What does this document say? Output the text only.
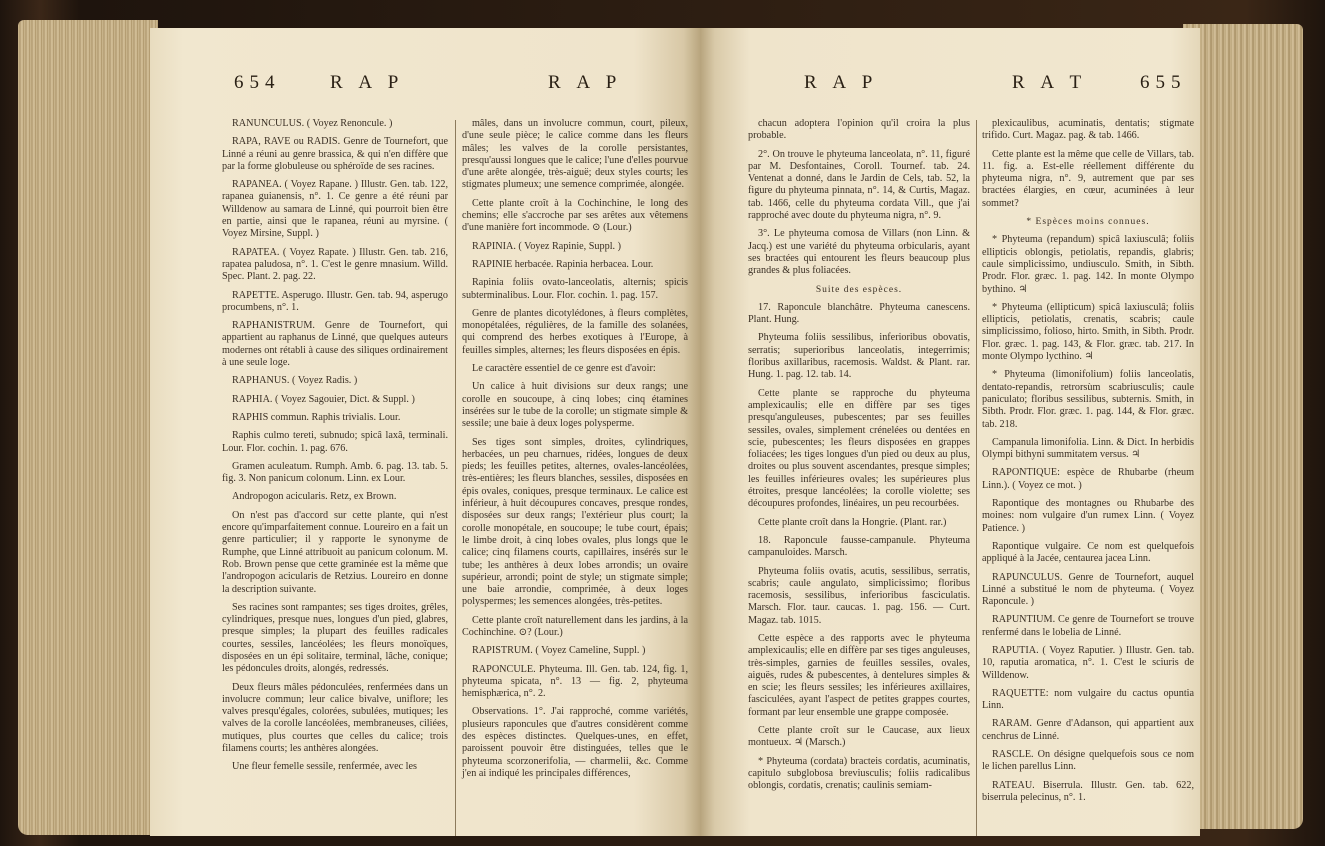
654	R A P	R A P

RANUNCULUS. ( Voyez Renoncule. )

RAPA, RAVE ou RADIS. Genre de Tournefort, que Linné a réuni au genre brassica, & qui n'en diffère que par la forme globuleuse ou sphéroïde de ses racines.

RAPANEA. ( Voyez Rapane. ) Illustr. Gen. tab. 122, rapanea guianensis, n°. 1. Ce genre a été réuni par Willdenow au samara de Linné, qui pourroit bien être en partie, ainsi que le rapanea, réuni au myrsine. ( Voyez Mirsine, Suppl. )

RAPATEA. ( Voyez Rapate. ) Illustr. Gen. tab. 216, rapatea paludosa, n°. 1. C'est le genre mnasium. Willd. Spec. Plant. 2. pag. 22.

RAPETTE. Asperugo. Illustr. Gen. tab. 94, asperugo procumbens, n°. 1.

RAPHANISTRUM. Genre de Tournefort, qui appartient au raphanus de Linné, que quelques auteurs modernes ont rétabli à cause des siliques ordinairement à une seule loge.

RAPHANUS. ( Voyez Radis. )

RAPHIA. ( Voyez Sagouier, Dict. & Suppl. )

RAPHIS commun. Raphis trivialis. Lour.

Raphis culmo tereti, subnudo; spicâ laxâ, terminali. Lour. Flor. cochin. 1. pag. 676.

Gramen aculeatum. Rumph. Amb. 6. pag. 13. tab. 5. fig. 3. Non panicum colonum. Linn. ex Lour.

Andropogon acicularis. Retz, ex Brown.

On n'est pas d'accord sur cette plante, qui n'est encore qu'imparfaitement connue. Loureiro en a fait un genre particulier; il y rapporte le synonyme de Rumphe, que Linné attribuoit au panicum colonum. M. Rob. Brown pense que cette graminée est la même que l'andropogon acicularis de Retzius. Loureiro en donne la description suivante.

Ses racines sont rampantes; ses tiges droites, grêles, cylindriques, presque nues, longues d'un pied, glabres, presque simples; la plupart des feuilles radicales courtes, sessiles, lancéolées; les fleurs monoïques, disposées en un épi solitaire, terminal, lâche, conique; les pédoncules droits, alongés, redressés.

Deux fleurs mâles pédonculées, renfermées dans un involucre commun; leur calice bivalve, uniflore; les valves presqu'égales, colorées, subulées, mutiques; les valves de la corolle lancéolées, membraneuses, ciliées, mutiques, plus courtes que celles du calice; trois filamens courts; les anthères alongées.

Une fleur femelle sessile, renfermée, avec les

mâles, dans un involucre commun, court, pileux, d'une seule pièce; le calice comme dans les fleurs mâles; les valves de la corolle persistantes, presqu'aussi longues que le calice; l'une d'elles pourvue d'une arête alongée, très-aiguë; deux styles courts; les stigmates plumeux; une semence comprimée, alongée.

Cette plante croît à la Cochinchine, le long des chemins; elle s'accroche par ses arêtes aux vêtemens d'une manière fort incommode. ⊙ (Lour.)

RAPINIA. ( Voyez Rapinie, Suppl. )

RAPINIE herbacée. Rapinia herbacea. Lour.

Rapinia foliis ovato-lanceolatis, alternis; spicis subterminalibus. Lour. Flor. cochin. 1. pag. 157.

Genre de plantes dicotylédones, à fleurs complètes, monopétalées, régulières, de la famille des solanées, qui comprend des herbes exotiques à l'Europe, à feuilles simples, alternes; les fleurs disposées en épis.

Le caractère essentiel de ce genre est d'avoir:

Un calice à huit divisions sur deux rangs; une corolle en soucoupe, à cinq lobes; cinq étamines insérées sur le tube de la corolle; un stigmate simple & sessile; une baie à deux loges polysperme.

Ses tiges sont simples, droites, cylindriques, herbacées, un peu charnues, ridées, longues de deux pieds; les feuilles petites, alternes, ovales-lancéolées, très-entières; les fleurs blanches, sessiles, disposées en épis ovales, coniques, presque terminaux. Le calice est inférieur, à huit découpures concaves, presque rondes, disposées sur deux rangs; l'extérieur plus court; la corolle monopétale, en soucoupe; le tube court, épais; le limbe droit, à cinq lobes ovales, plus longs que le calice; cinq filamens courts, capillaires, insérés sur le tube; les anthères à deux lobes arrondis; un ovaire supérieur, arrondi; point de style; un stigmate simple; une baie arrondie, comprimée, à deux loges polyspermes; les semences alongées, très-petites.

Cette plante croît naturellement dans les jardins, à la Cochinchine. ⊙? (Lour.)

RAPISTRUM. ( Voyez Cameline, Suppl. )

RAPONCULE. Phyteuma. Ill. Gen. tab. 124, fig. 1, phyteuma spicata, n°. 13 — fig. 2, phyteuma hemisphærica, n°. 2.

Observations. 1°. J'ai rapproché, comme variétés, plusieurs raponcules que d'autres considèrent comme des espèces distinctes. Quelques-unes, en effet, paroissent pouvoir être distinguées, telles que le phyteuma scorzonerifolia, — charmelii, &c. Comme j'en ai indiqué les principales différences,

R A P	R A T	655

chacun adoptera l'opinion qu'il croira la plus probable.

2°. On trouve le phyteuma lanceolata, n°. 11, figuré par M. Desfontaines, Coroll. Tournef. tab. 24. Ventenat a donné, dans le Jardin de Cels, tab. 52, la figure du phyteuma pinnata, n°. 14, & Curtis, Magaz. tab. 1466, celle du phyteuma cordata Vill., que j'ai rapproché avec doute du phyteuma nigra, n°. 9.

3°. Le phyteuma comosa de Villars (non Linn. & Jacq.) est une variété du phyteuma orbicularis, ayant ses bractées qui entourent les fleurs beaucoup plus grandes & plus foliacées.

Suite des espèces.

17. Raponcule blanchâtre. Phyteuma canescens. Plant. Hung.

Phyteuma foliis sessilibus, inferioribus obovatis, serratis; superioribus lanceolatis, integerrimis; floribus axillaribus, racemosis. Waldst. & Plant. rar. Hung. 1. pag. 12. tab. 14.

Cette plante se rapproche du phyteuma amplexicaulis; elle en diffère par ses tiges presqu'anguleuses, pubescentes; par ses feuilles sessiles, ovales, simplement crénelées ou dentées en scie, pubescentes; les fleurs disposées en grappes foliacées; les tiges longues d'un pied ou deux au plus, droites ou plus souvent ascendantes, presque simples; les feuilles inférieures ovales; les supérieures plus étroites, presque lancéolées; la corolle violette; ses découpures profondes, linéaires, un peu recourbées.

Cette plante croît dans la Hongrie. (Plant. rar.)

18. Raponcule fausse-campanule. Phyteuma campanuloides. Marsch.

Phyteuma foliis ovatis, acutis, sessilibus, serratis, scabris; caule angulato, simplicissimo; floribus racemosis, sessilibus, inferioribus fasciculatis. Marsch. Flor. taur. caucas. 1. pag. 156. — Curt. Magaz. tab. 1015.

Cette espèce a des rapports avec le phyteuma amplexicaulis; elle en diffère par ses tiges anguleuses, très-simples, garnies de feuilles sessiles, ovales, aiguës, rudes & pubescentes, à dentelures simples & en scie; les fleurs sessiles; les inférieures axillaires, fasciculées, ayant l'aspect de petites grappes courtes, formant par leur ensemble une grappe composée.

Cette plante croît sur le Caucase, aux lieux montueux. ♃ (Marsch.)

* Phyteuma (cordata) bracteis cordatis, acuminatis, capitulo subglobosa breviusculis; foliis radicalibus oblongis, cordatis, crenatis; caulinis semiam-

plexicaulibus, acuminatis, dentatis; stigmate trifido. Curt. Magaz. pag. & tab. 1466.

Cette plante est la même que celle de Villars, tab. 11. fig. a. Est-elle réellement différente du phyteuma nigra, n°. 9, autrement que par ses bractées élargies, en cœur, acuminées à leur sommet?

* Espèces moins connues.

* Phyteuma (repandum) spicâ laxiusculâ; foliis ellipticis oblongis, petiolatis, repandis, glabris; caule simplicissimo, undiusculo. Smith, in Sibth. Prodr. Flor. græc. 1. pag. 142. In monte Olympo bythino. ♃

* Phyteuma (ellipticum) spicâ laxiusculâ; foliis ellipticis, petiolatis, crenatis, scabris; caule simplicissimo, folioso, hirto. Smith, in Sibth. Prodr. Flor. græc. 1. pag. 143, & Flor. græc. tab. 217. In monte Olympo lycthino. ♃

* Phyteuma (limonifolium) foliis lanceolatis, dentato-repandis, retrorsùm scabriusculis; caule paniculato; floribus sessilibus, subternis. Smith, in Sibth. Prodr. Flor. græc. 1. pag. 144, & Flor. græc. tab. 218.

Campanula limonifolia. Linn. & Dict. In herbidis Olympi bithyni summitatem versus. ♃

RAPONTIQUE: espèce de Rhubarbe (rheum Linn.). ( Voyez ce mot. )

Rapontique des montagnes ou Rhubarbe des moines: nom vulgaire d'un rumex Linn. ( Voyez Patience. )

Rapontique vulgaire. Ce nom est quelquefois appliqué à la Jacée, centaurea jacea Linn.

RAPUNCULUS. Genre de Tournefort, auquel Linné a substitué le nom de phyteuma. ( Voyez Raponcule. )

RAPUNTIUM. Ce genre de Tournefort se trouve renfermé dans le lobelia de Linné.

RAPUTIA. ( Voyez Raputier. ) Illustr. Gen. tab. 10, raputia aromatica, n°. 1. C'est le sciuris de Willdenow.

RAQUETTE: nom vulgaire du cactus opuntia Linn.

RARAM. Genre d'Adanson, qui appartient aux cenchrus de Linné.

RASCLE. On désigne quelquefois sous ce nom le lichen parellus Linn.

RATEAU. Biserrula. Illustr. Gen. tab. 622, biserrula pelecinus, n°. 1.
